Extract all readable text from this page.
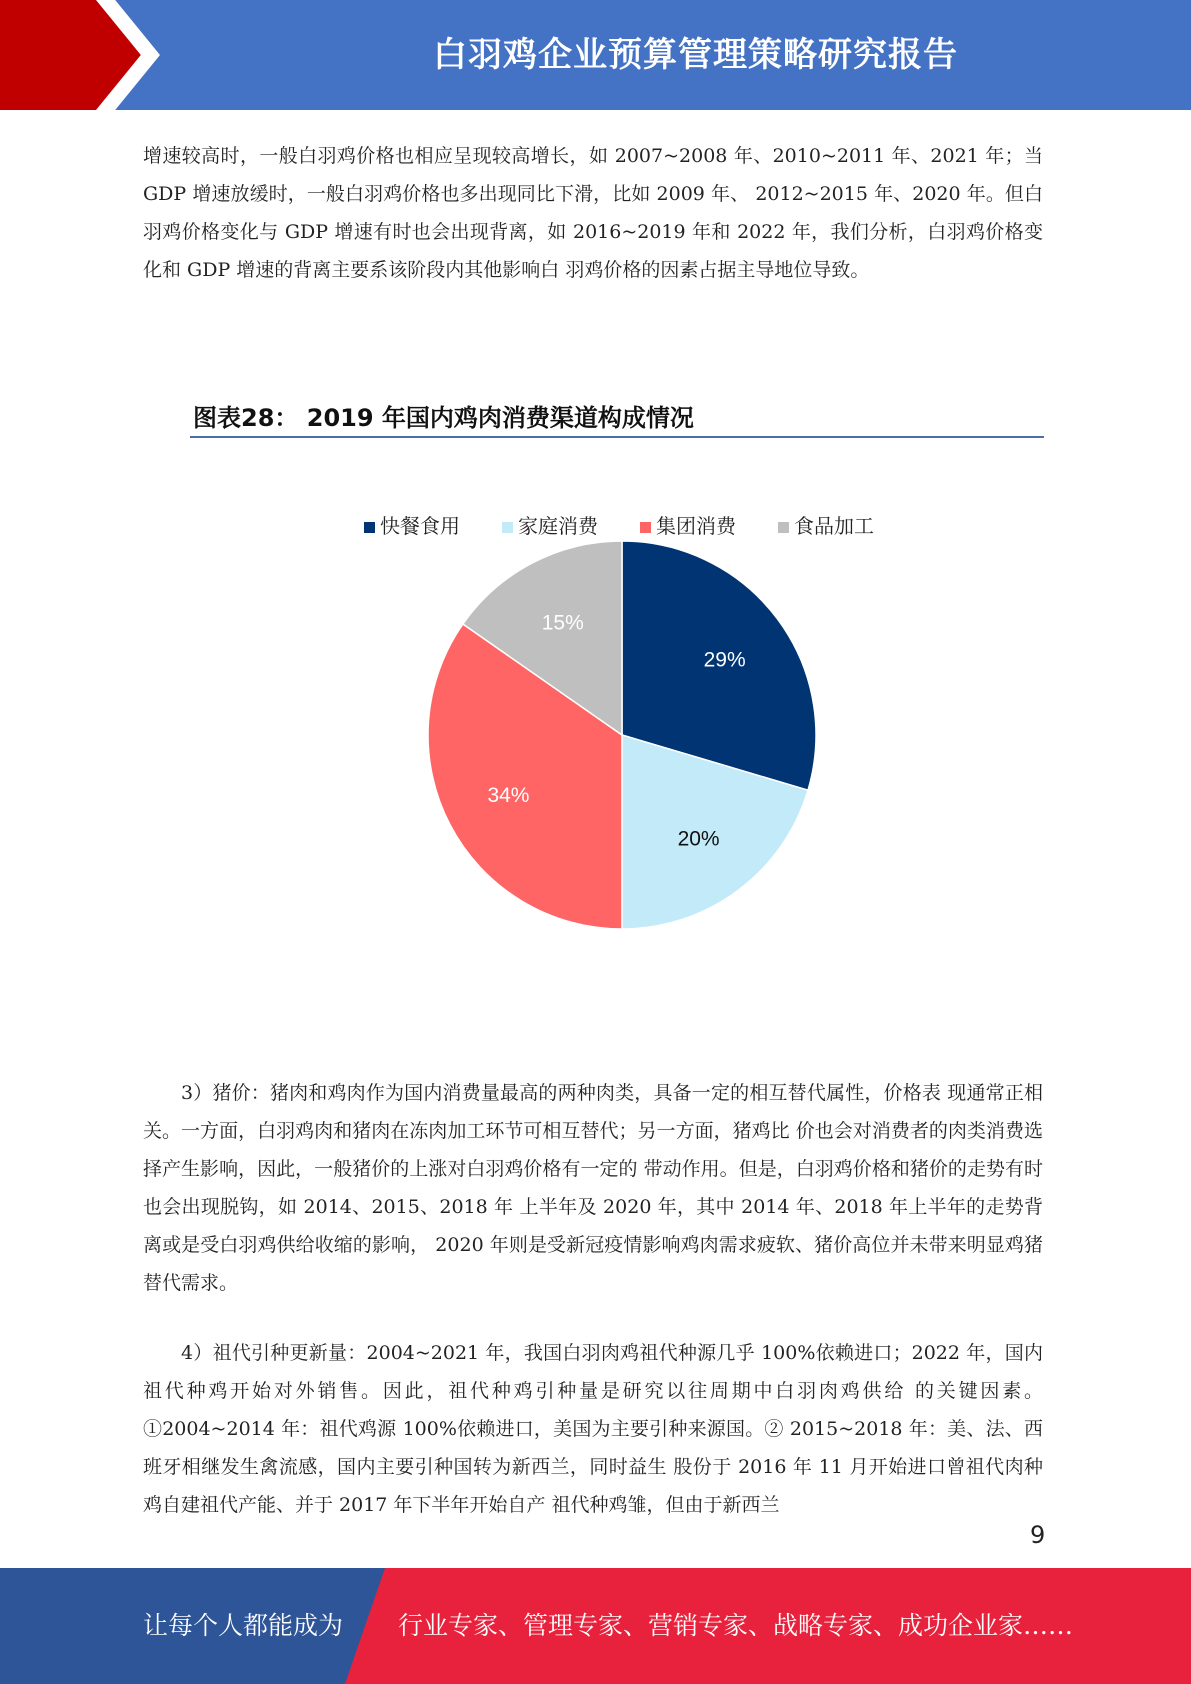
白羽鸡企业预算管理策略研究报告

增速较高时，一般白羽鸡价格也相应呈现较高增长，如 2007~2008 年、2010~2011 年、2021 年；当 GDP 增速放缓时，一般白羽鸡价格也多出现同比下滑，比如 2009 年、 2012~2015 年、2020 年。但白羽鸡价格变化与 GDP 增速有时也会出现背离，如 2016~2019 年和 2022 年，我们分析，白羽鸡价格变化和 GDP 增速的背离主要系该阶段内其他影响白 羽鸡价格的因素占据主导地位导致。

图表28： 2019 年国内鸡肉消费渠道构成情况
快餐食用	家庭消费	集团消费	食品加工
29%
20%
34%
15%

3）猪价：猪肉和鸡肉作为国内消费量最高的两种肉类，具备一定的相互替代属性，价格表 现通常正相关。一方面，白羽鸡肉和猪肉在冻肉加工环节可相互替代；另一方面，猪鸡比 价也会对消费者的肉类消费选择产生影响，因此，一般猪价的上涨对白羽鸡价格有一定的 带动作用。但是，白羽鸡价格和猪价的走势有时也会出现脱钩，如 2014、2015、2018 年 上半年及 2020 年，其中 2014 年、2018 年上半年的走势背离或是受白羽鸡供给收缩的影响， 2020 年则是受新冠疫情影响鸡肉需求疲软、猪价高位并未带来明显鸡猪替代需求。

4）祖代引种更新量：2004~2021 年，我国白羽肉鸡祖代种源几乎 100%依赖进口；2022 年，国内祖代种鸡开始对外销售。因此，祖代种鸡引种量是研究以往周期中白羽肉鸡供给 的关键因素。①2004~2014 年：祖代鸡源 100%依赖进口，美国为主要引种来源国。② 2015~2018 年：美、法、西班牙相继发生禽流感，国内主要引种国转为新西兰，同时益生 股份于 2016 年 11 月开始进口曾祖代肉种鸡自建祖代产能、并于 2017 年下半年开始自产 祖代种鸡雏，但由于新西兰

9
让每个人都能成为 行业专家、管理专家、营销专家、战略专家、成功企业家……
